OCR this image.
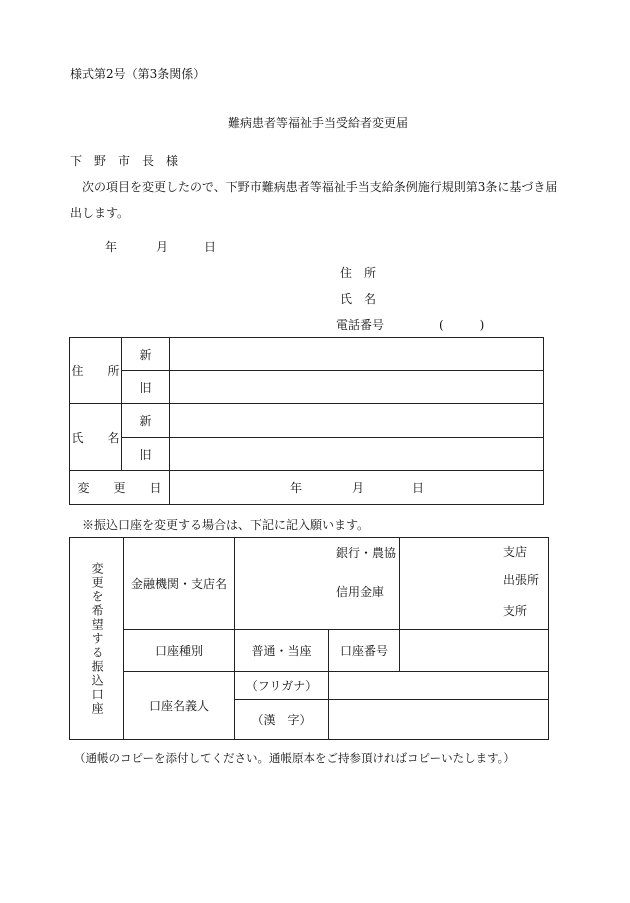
様式第2号（第3条関係）
難病患者等福祉手当受給者変更届
下　野　市　長　様

次の項目を変更したので、下野市難病患者等福祉手当支給条例施行規則第3条に基づき届出します。

年	月	日
住　所
氏　名
電話番号	(　　　)
住　　所	新	
	旧	
氏　　名	新	
	旧	
変　　更　　日		年 月 日
※振込口座を変更する場合は、下記に記入願います。
変更を希望する振込口座	金融機関・支店名	銀行・農協
信用金庫		支店
出張所
支所

	口座種別	普通・当座	口座番号	
	口座名義人	（フリガナ）		
		（漢　字）		
（通帳のコピーを添付してください。通帳原本をご持参頂ければコピーいたします。）
